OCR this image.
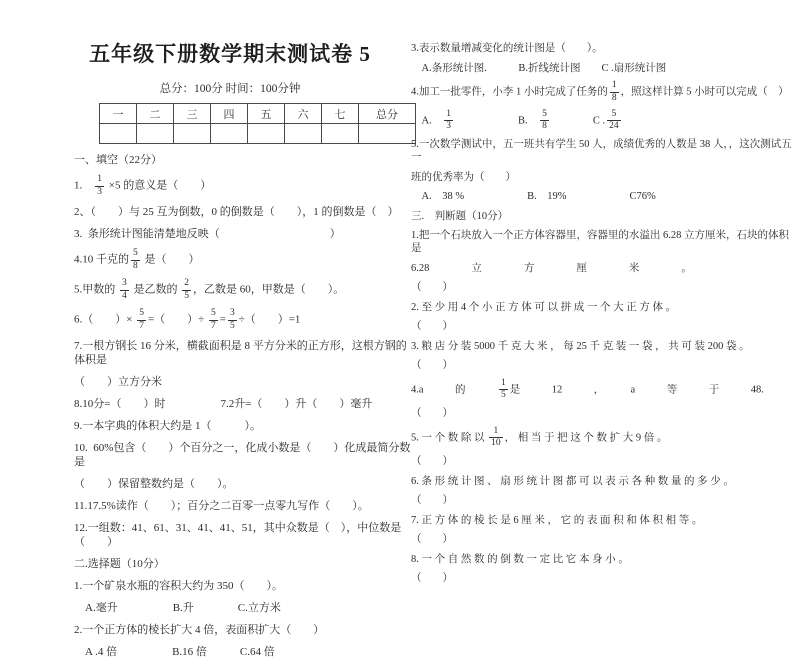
五年级下册数学期末测试卷 5
总分：100分 时间：100分钟
一	二	三	四	五	六	七	总分

一、填空（22分）
1.　 $\frac{1}{3} \times 5$ 的意义是（　　）
2、（　　）与 25 互为倒数，0 的倒数是（　　），1 的倒数是（　）
3.  条形统计图能清楚地反映（　　　　　　　　　　）
4.10 千克的 $\frac{5}{8}$ 是（　　）
5.甲数的 $\frac{3}{4}$ 是乙数的 $\frac{2}{5}$ ，乙数是 60，甲数是（　　）。
6.（　　）× $\frac{5}{7}$ =（　　）÷ $\frac{5}{7} = \frac{3}{5}$ ÷（　　）=1
7.一根方钢长 16 分米，横截面积是 8 平方分米的正方形，这根方钢的体积是
（　　）立方分米
8.10分=（　　）时　　　　　7.2升=（　　）升（　　）毫升
9.一本字典的体积大约是 1（　　　）。
10.  60%包含（　　）个百分之一，化成小数是（　　）化成最简分数是
（　　）保留整数约是（　　）。
11.17.5%读作（　　）；百分之二百零一点零九写作（　　）。
12.一组数：41、61、31、41、41、51，其中众数是（　），中位数是（　　）
二.选择题（10分）
1.一个矿泉水瓶的容积大约为 350（　　）。
　A.毫升　　　　　B.升　　　　C.立方米
2.一个正方体的棱长扩大 4 倍，表面积扩大（　　）
　A .4 倍　　　　　B.16 倍　　　C.64 倍
3.表示数量增减变化的统计图是（　　）。
　A.条形统计图.　　　B.折线统计图　　C .扇形统计图
4.加工一批零件，小李 1 小时完成了任务的 $\frac{1}{8}$ ，照这样计算 5 小时可以完成（　）
　A.　 $\frac{1}{3}$ 　　　　　　B.　 $\frac{5}{8}$ 　　　　C . $\frac{5}{24}$
5.一次数学测试中，五一班共有学生 50 人，成绩优秀的人数是 38 人，，这次测试五一
班的优秀率为（　　）
　A.　38 %　　　　　　B.　19%　　　　　　C76%
三.　判断题（10分）
1.把一个石块放入一个正方体容器里，容器里的水溢出 6.28 立方厘米，石块的体积是
6.28　　　　立　　　　方　　　　厘　　　　米　　　　。
（　　）
2. 至 少 用 4 个 小 正 方 体 可 以 拼 成 一 个 大 正 方 体 。
（　　）
3. 粮 店 分 装 5000 千 克 大 米 ， 每 25 千 克 装 一 袋 ， 共 可 装 200 袋 。
（　　）
4.a　　　的　　　 $\frac{1}{5}$ 是　　　12　　　，　　　a　　　等　　　于　　　48.
（　　）
5. 一 个 数 除 以 $\frac{1}{10}$ ， 相 当 于 把 这 个 数 扩 大 9 倍 。
（　　）
6. 条 形 统 计 图 、 扇 形 统 计 图 都 可 以 表 示 各 种 数 量 的 多 少 。
（　　）
7. 正 方 体 的 棱 长 是 6 厘 米 ， 它 的 表 面 积 和 体 积 相 等 。
（　　）
8. 一 个 自 然 数 的 倒 数 一 定 比 它 本 身 小 。
（　　）
